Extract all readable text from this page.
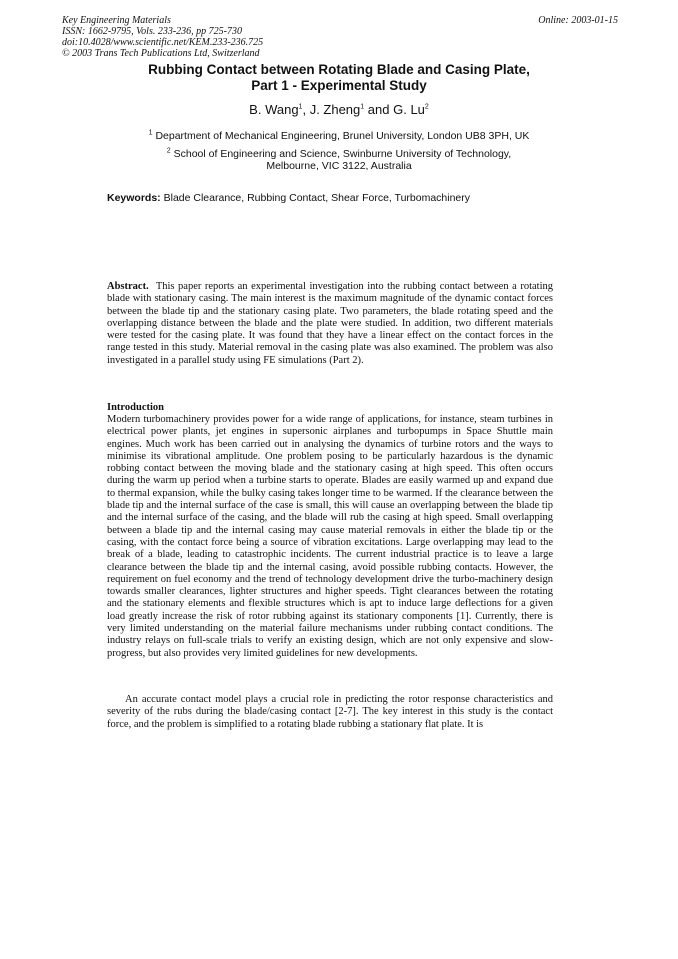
Key Engineering Materials
ISSN: 1662-9795, Vols. 233-236, pp 725-730
doi:10.4028/www.scientific.net/KEM.233-236.725
© 2003 Trans Tech Publications Ltd, Switzerland
Online: 2003-01-15
Rubbing Contact between Rotating Blade and Casing Plate,
Part 1 - Experimental Study
B. Wang$^1$, J. Zheng$^1$ and G. Lu$^2$
$^1$ Department of Mechanical Engineering, Brunel University, London UB8 3PH, UK
$^2$ School of Engineering and Science, Swinburne University of Technology,
Melbourne, VIC 3122, Australia
Keywords: Blade Clearance, Rubbing Contact, Shear Force, Turbomachinery
Abstract. This paper reports an experimental investigation into the rubbing contact between a rotating blade with stationary casing. The main interest is the maximum magnitude of the dynamic contact forces between the blade tip and the stationary casing plate. Two parameters, the blade rotating speed and the overlapping distance between the blade and the plate were studied. In addition, two different materials were tested for the casing plate. It was found that they have a linear effect on the contact forces in the range tested in this study. Material removal in the casing plate was also examined. The problem was also investigated in a parallel study using FE simulations (Part 2).
Introduction
Modern turbomachinery provides power for a wide range of applications, for instance, steam turbines in electrical power plants, jet engines in supersonic airplanes and turbopumps in Space Shuttle main engines. Much work has been carried out in analysing the dynamics of turbine rotors and the ways to minimise its vibrational amplitude. One problem posing to be particularly hazardous is the dynamic robbing contact between the moving blade and the stationary casing at high speed. This often occurs during the warm up period when a turbine starts to operate. Blades are easily warmed up and expand due to thermal expansion, while the bulky casing takes longer time to be warmed. If the clearance between the blade tip and the internal surface of the case is small, this will cause an overlapping between the blade tip and the internal surface of the casing, and the blade will rub the casing at high speed. Small overlapping between a blade tip and the internal casing may cause material removals in either the blade tip or the casing, with the contact force being a source of vibration excitations. Large overlapping may lead to the break of a blade, leading to catastrophic incidents. The current industrial practice is to leave a large clearance between the blade tip and the internal casing, avoid possible rubbing contacts. However, the requirement on fuel economy and the trend of technology development drive the turbo-machinery design towards smaller clearances, lighter structures and higher speeds. Tight clearances between the rotating and the stationary elements and flexible structures which is apt to induce large deflections for a given load greatly increase the risk of rotor rubbing against its stationary components [1]. Currently, there is very limited understanding on the material failure mechanisms under rubbing contact conditions. The industry relays on full-scale trials to verify an existing design, which are not only expensive and slow-progress, but also provides very limited guidelines for new developments.
An accurate contact model plays a crucial role in predicting the rotor response characteristics and severity of the rubs during the blade/casing contact [2-7]. The key interest in this study is the contact force, and the problem is simplified to a rotating blade rubbing a stationary flat plate. It is
